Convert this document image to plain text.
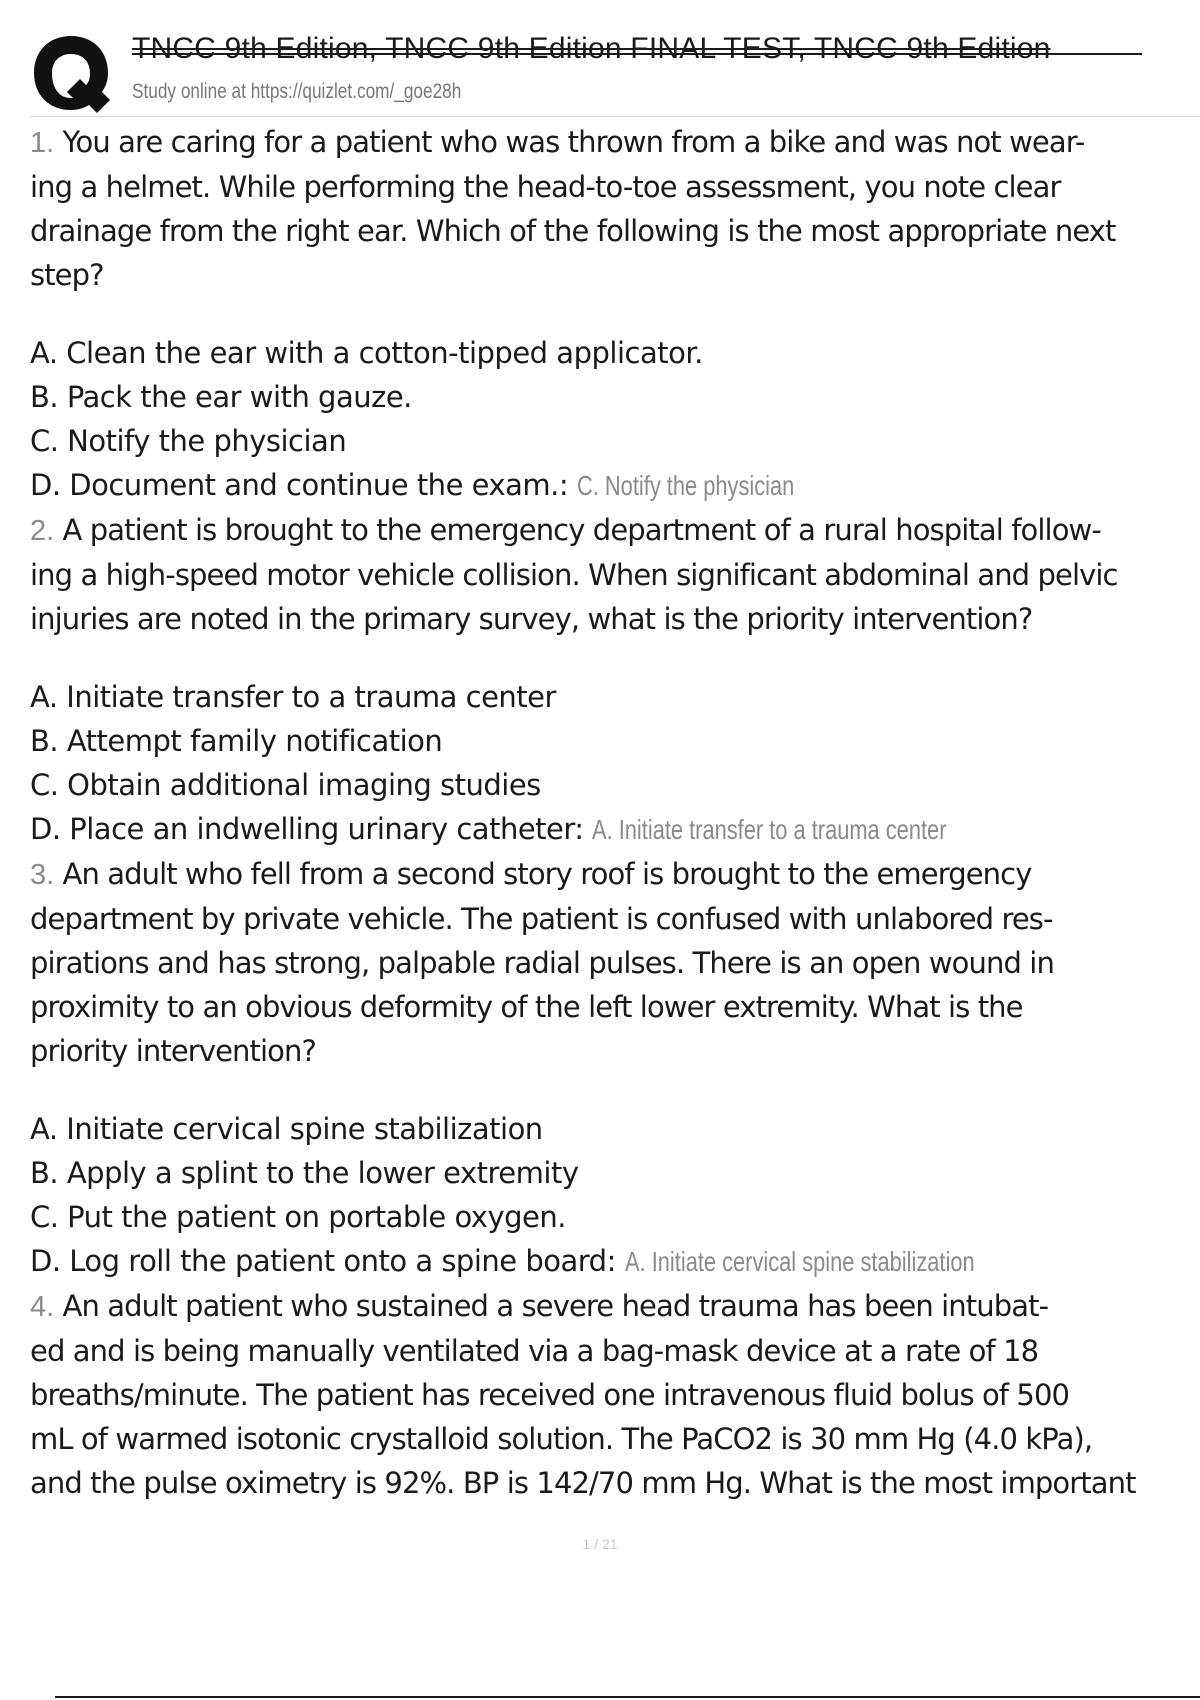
TNCC 9th Edition, TNCC 9th Edition FINAL TEST, TNCC 9th Edition
Study online at https://quizlet.com/_goe28h

1. You are caring for a patient who was thrown from a bike and was not wear-

ing a helmet. While performing the head-to-toe assessment, you note clear

drainage from the right ear. Which of the following is the most appropriate next

step?

A. Clean the ear with a cotton-tipped applicator.

B. Pack the ear with gauze.

C. Notify the physician

D. Document and continue the exam.: C. Notify the physician

2. A patient is brought to the emergency department of a rural hospital follow-

ing a high-speed motor vehicle collision. When significant abdominal and pelvic

injuries are noted in the primary survey, what is the priority intervention?

A. Initiate transfer to a trauma center

B. Attempt family notification

C. Obtain additional imaging studies

D. Place an indwelling urinary catheter: A. Initiate transfer to a trauma center

3. An adult who fell from a second story roof is brought to the emergency

department by private vehicle. The patient is confused with unlabored res-

pirations and has strong, palpable radial pulses. There is an open wound in

proximity to an obvious deformity of the left lower extremity. What is the

priority intervention?

A. Initiate cervical spine stabilization

B. Apply a splint to the lower extremity

C. Put the patient on portable oxygen.

D. Log roll the patient onto a spine board: A. Initiate cervical spine stabilization

4. An adult patient who sustained a severe head trauma has been intubat-

ed and is being manually ventilated via a bag-mask device at a rate of 18

breaths/minute. The patient has received one intravenous fluid bolus of 500

mL of warmed isotonic crystalloid solution. The PaCO2 is 30 mm Hg (4.0 kPa),

and the pulse oximetry is 92%. BP is 142/70 mm Hg. What is the most important

1 / 21
